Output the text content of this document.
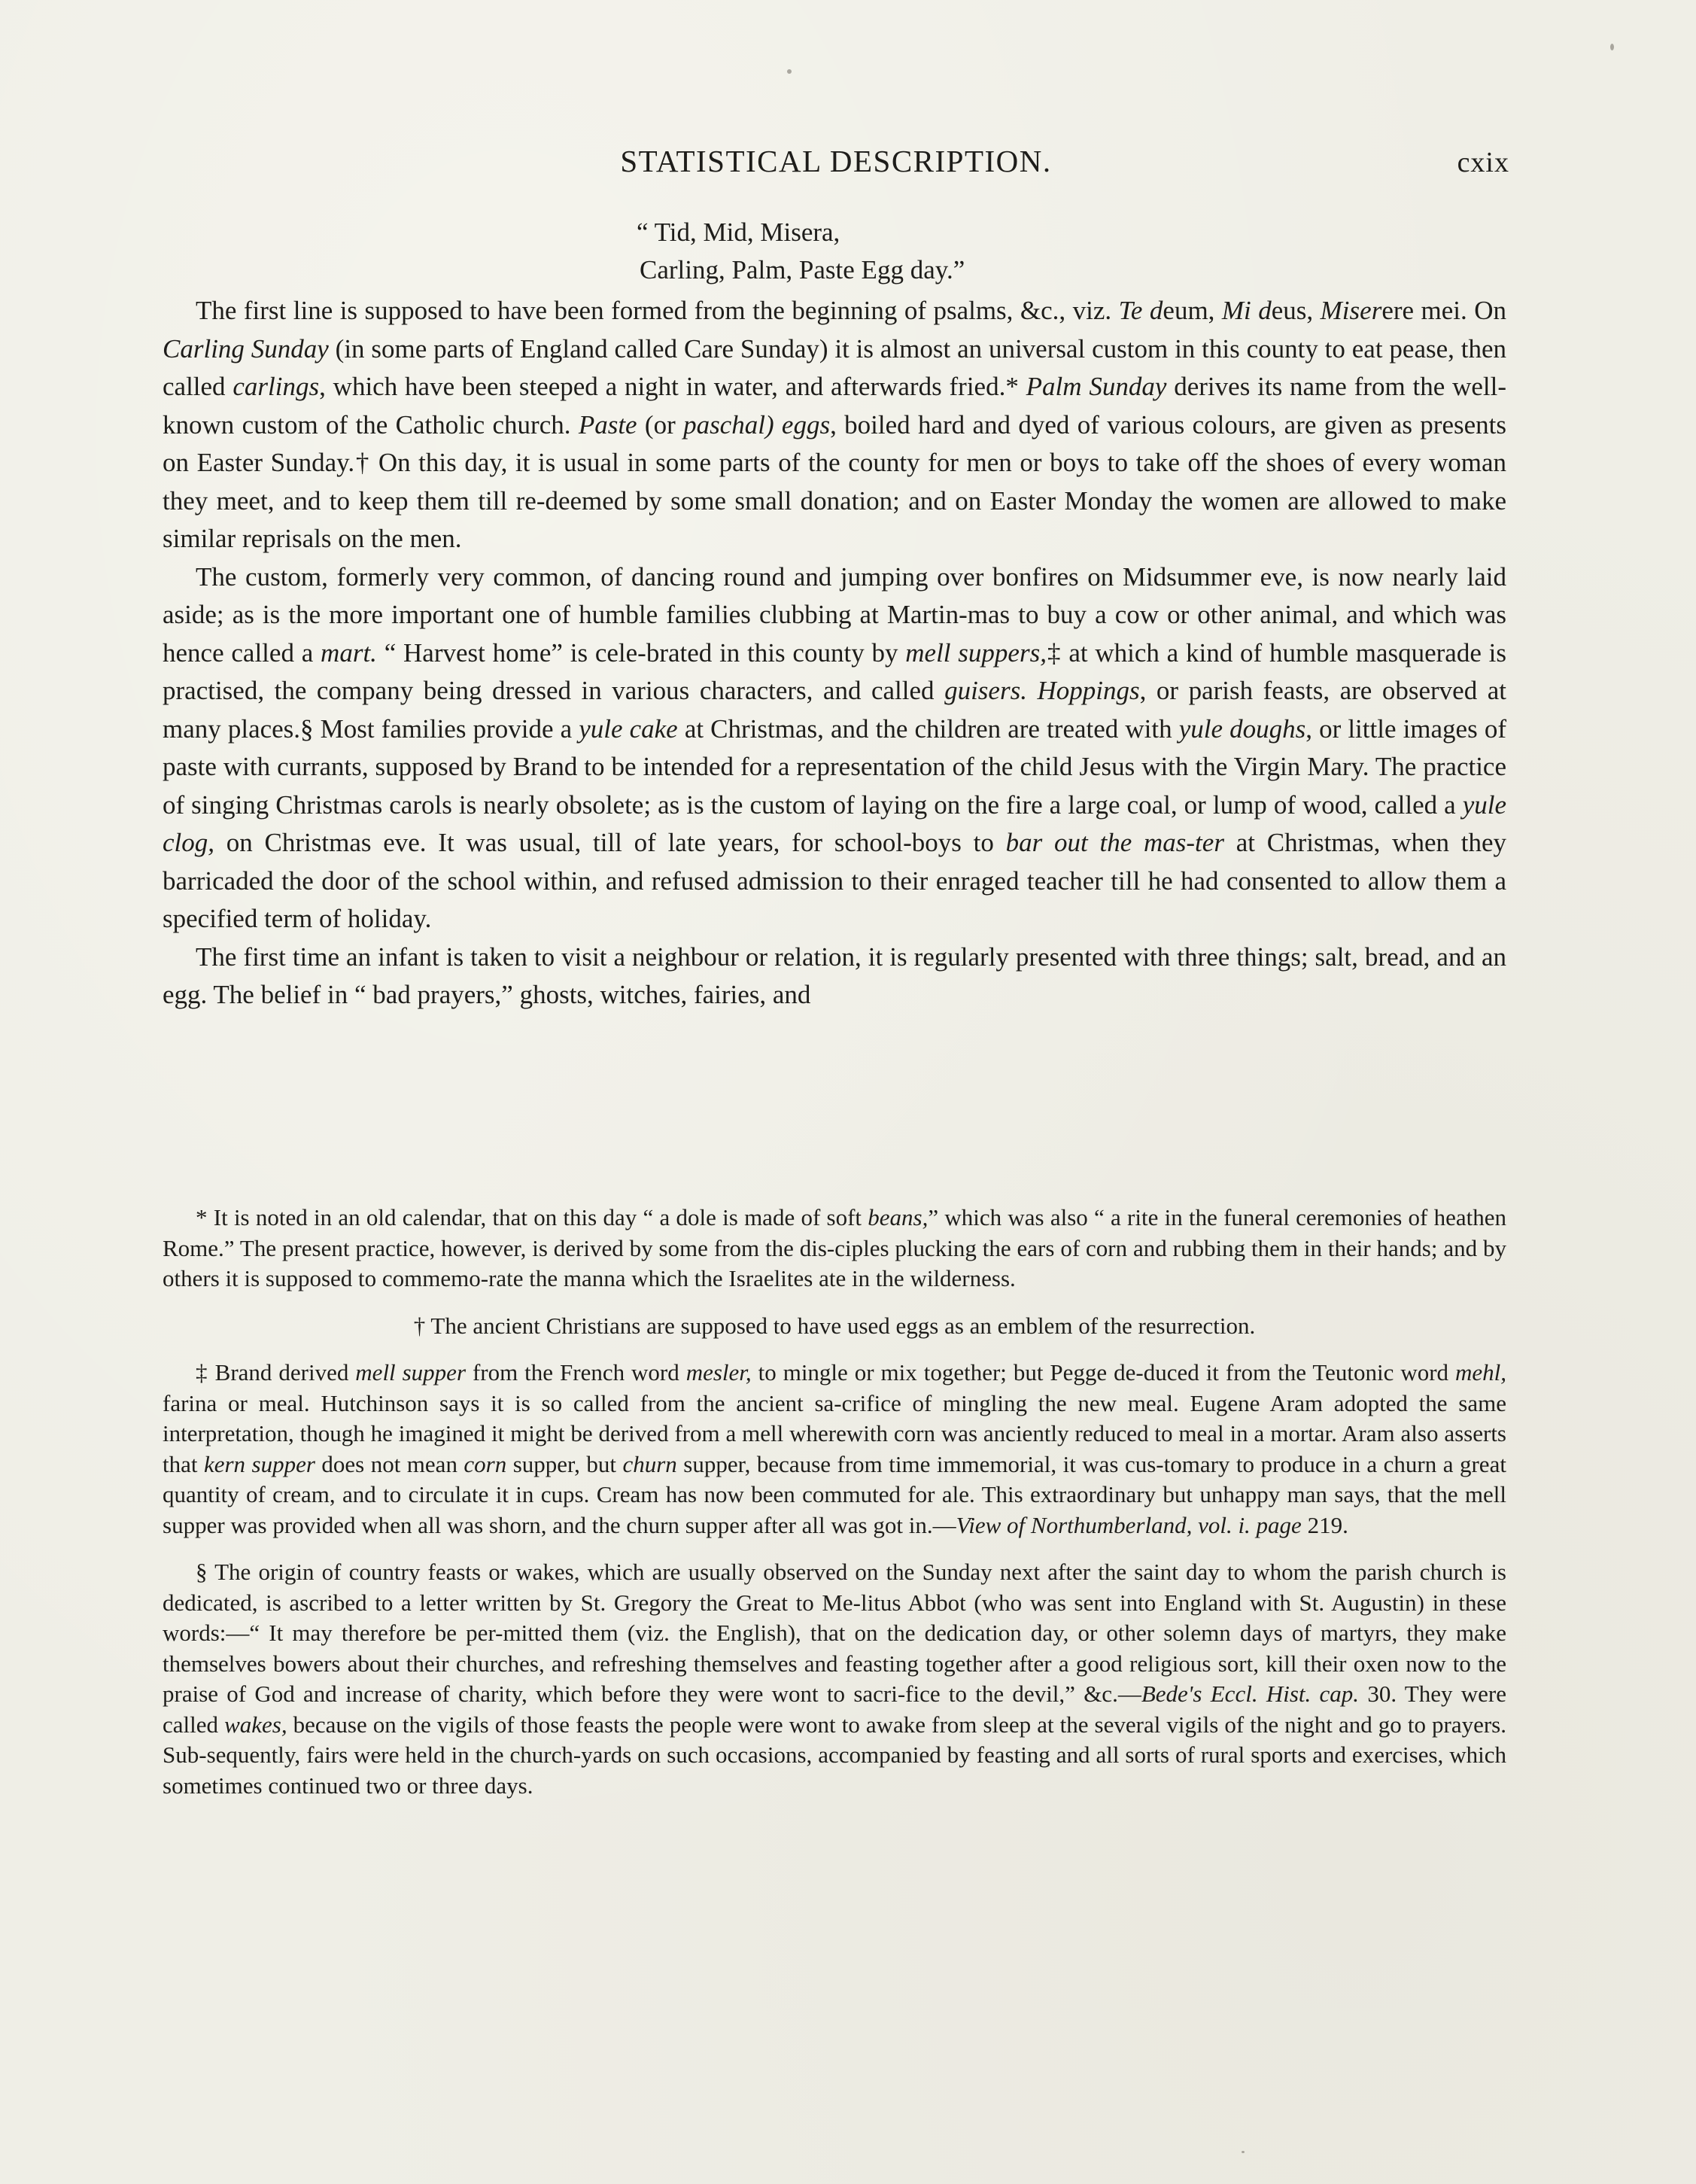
STATISTICAL DESCRIPTION.	cxix
“ Tid, Mid, Misera,
Carling, Palm, Paste Egg day.”

The first line is supposed to have been formed from the beginning of psalms, &c., viz. Te deum, Mi deus, Miserere mei. On Carling Sunday (in some parts of England called Care Sunday) it is almost an universal custom in this county to eat pease, then called carlings, which have been steeped a night in water, and afterwards fried.* Palm Sunday derives its name from the well-known custom of the Catholic church. Paste (or paschal) eggs, boiled hard and dyed of various colours, are given as presents on Easter Sunday.† On this day, it is usual in some parts of the county for men or boys to take off the shoes of every woman they meet, and to keep them till re-deemed by some small donation; and on Easter Monday the women are allowed to make similar reprisals on the men.

The custom, formerly very common, of dancing round and jumping over bonfires on Midsummer eve, is now nearly laid aside; as is the more important one of humble families clubbing at Martin-mas to buy a cow or other animal, and which was hence called a mart. “ Harvest home” is cele-brated in this county by mell suppers,‡ at which a kind of humble masquerade is practised, the company being dressed in various characters, and called guisers. Hoppings, or parish feasts, are observed at many places.§ Most families provide a yule cake at Christmas, and the children are treated with yule doughs, or little images of paste with currants, supposed by Brand to be intended for a representation of the child Jesus with the Virgin Mary. The practice of singing Christmas carols is nearly obsolete; as is the custom of laying on the fire a large coal, or lump of wood, called a yule clog, on Christmas eve. It was usual, till of late years, for school-boys to bar out the mas-ter at Christmas, when they barricaded the door of the school within, and refused admission to their enraged teacher till he had consented to allow them a specified term of holiday.

The first time an infant is taken to visit a neighbour or relation, it is regularly presented with three things; salt, bread, and an egg. The belief in “ bad prayers,” ghosts, witches, fairies, and

* It is noted in an old calendar, that on this day “ a dole is made of soft beans,” which was also “ a rite in the funeral ceremonies of heathen Rome.” The present practice, however, is derived by some from the dis-ciples plucking the ears of corn and rubbing them in their hands; and by others it is supposed to commemo-rate the manna which the Israelites ate in the wilderness.

† The ancient Christians are supposed to have used eggs as an emblem of the resurrection.

‡ Brand derived mell supper from the French word mesler, to mingle or mix together; but Pegge de-duced it from the Teutonic word mehl, farina or meal. Hutchinson says it is so called from the ancient sa-crifice of mingling the new meal. Eugene Aram adopted the same interpretation, though he imagined it might be derived from a mell wherewith corn was anciently reduced to meal in a mortar. Aram also asserts that kern supper does not mean corn supper, but churn supper, because from time immemorial, it was cus-tomary to produce in a churn a great quantity of cream, and to circulate it in cups. Cream has now been commuted for ale. This extraordinary but unhappy man says, that the mell supper was provided when all was shorn, and the churn supper after all was got in.—View of Northumberland, vol. i. page 219.

§ The origin of country feasts or wakes, which are usually observed on the Sunday next after the saint day to whom the parish church is dedicated, is ascribed to a letter written by St. Gregory the Great to Me-litus Abbot (who was sent into England with St. Augustin) in these words:—“ It may therefore be per-mitted them (viz. the English), that on the dedication day, or other solemn days of martyrs, they make themselves bowers about their churches, and refreshing themselves and feasting together after a good religious sort, kill their oxen now to the praise of God and increase of charity, which before they were wont to sacri-fice to the devil,” &c.—Bede's Eccl. Hist. cap. 30. They were called wakes, because on the vigils of those feasts the people were wont to awake from sleep at the several vigils of the night and go to prayers. Sub-sequently, fairs were held in the church-yards on such occasions, accompanied by feasting and all sorts of rural sports and exercises, which sometimes continued two or three days.
